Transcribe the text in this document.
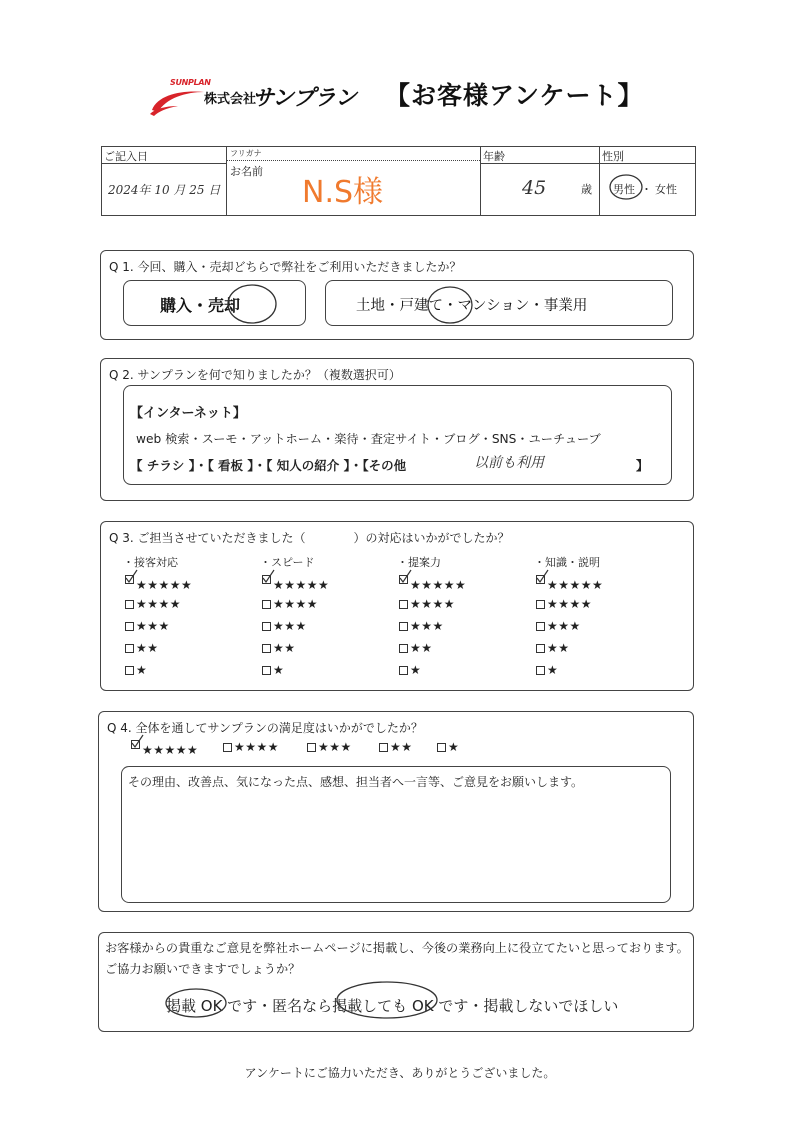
SUNPLAN
株式会社
サンプラン 【お客様アンケート】
ご記入日
2024年 10 月 25 日
フリガナ
お名前
N.S様
年齢
45	歳
性別
男性 ・ 女性
Q 1. 今回、購入・売却どちらで弊社をご利用いただきましたか？
購入・売却	土地・戸建て・マンション・事業用
Q 2. サンプランを何で知りましたか？（複数選択可）
【インターネット】
web 検索・スーモ・アットホーム・楽待・査定サイト・ブログ・SNS・ユーチューブ
【 チラシ 】・【 看板 】・【 知人の紹介 】・【その他	以前も利用	】
Q 3. ご担当させていただきました（　　　　）の対応はいかがでしたか？
・接客対応
★★★★★
★★★★
★★★
★★
★
・スピード
★★★★★
★★★★
★★★
★★
★
・提案力
★★★★★
★★★★
★★★
★★
★
・知識・説明
★★★★★
★★★★
★★★
★★
★
Q 4. 全体を通してサンプランの満足度はいかがでしたか？
★★★★★	★★★★	★★★	★★	★
その理由、改善点、気になった点、感想、担当者へ一言等、ご意見をお願いします。
お客様からの貴重なご意見を弊社ホームページに掲載し、今後の業務向上に役立てたいと思っております。
ご協力お願いできますでしょうか？
掲載 OK です・匿名なら掲載しても OK です・掲載しないでほしい
アンケートにご協力いただき、ありがとうございました。
